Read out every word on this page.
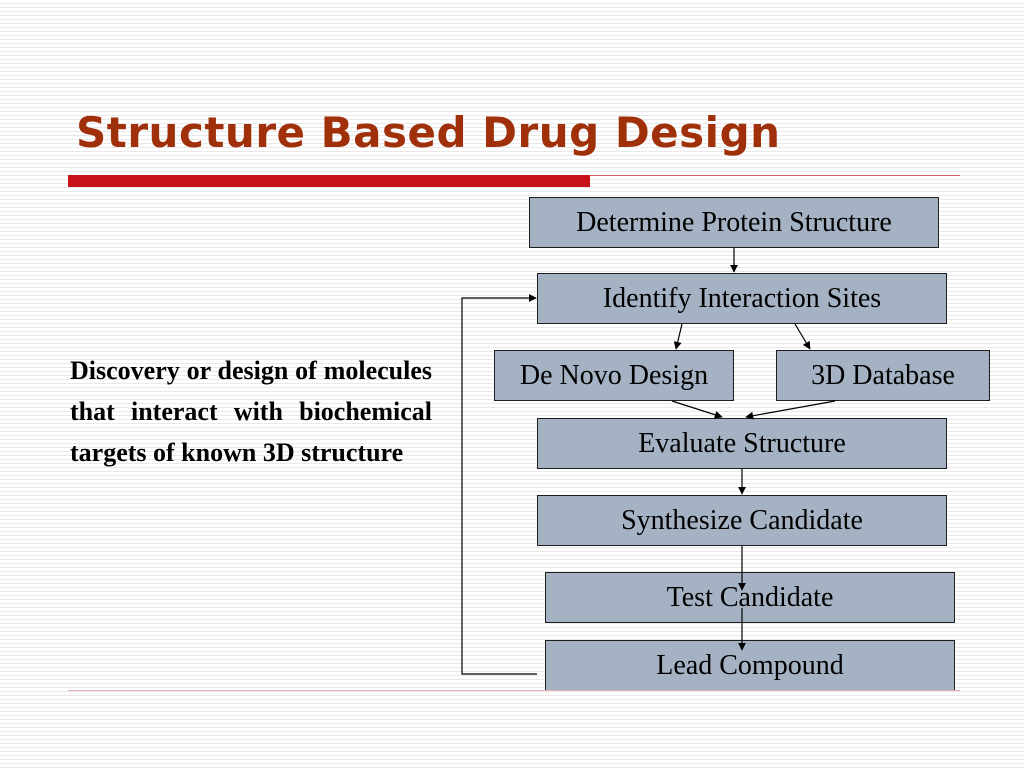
Structure Based Drug Design

Discovery or design of molecules that interact with biochemical targets of known 3D structure

Determine Protein Structure
Identify Interaction Sites
De Novo Design	3D Database
Evaluate Structure
Synthesize Candidate
Test Candidate
Lead Compound
